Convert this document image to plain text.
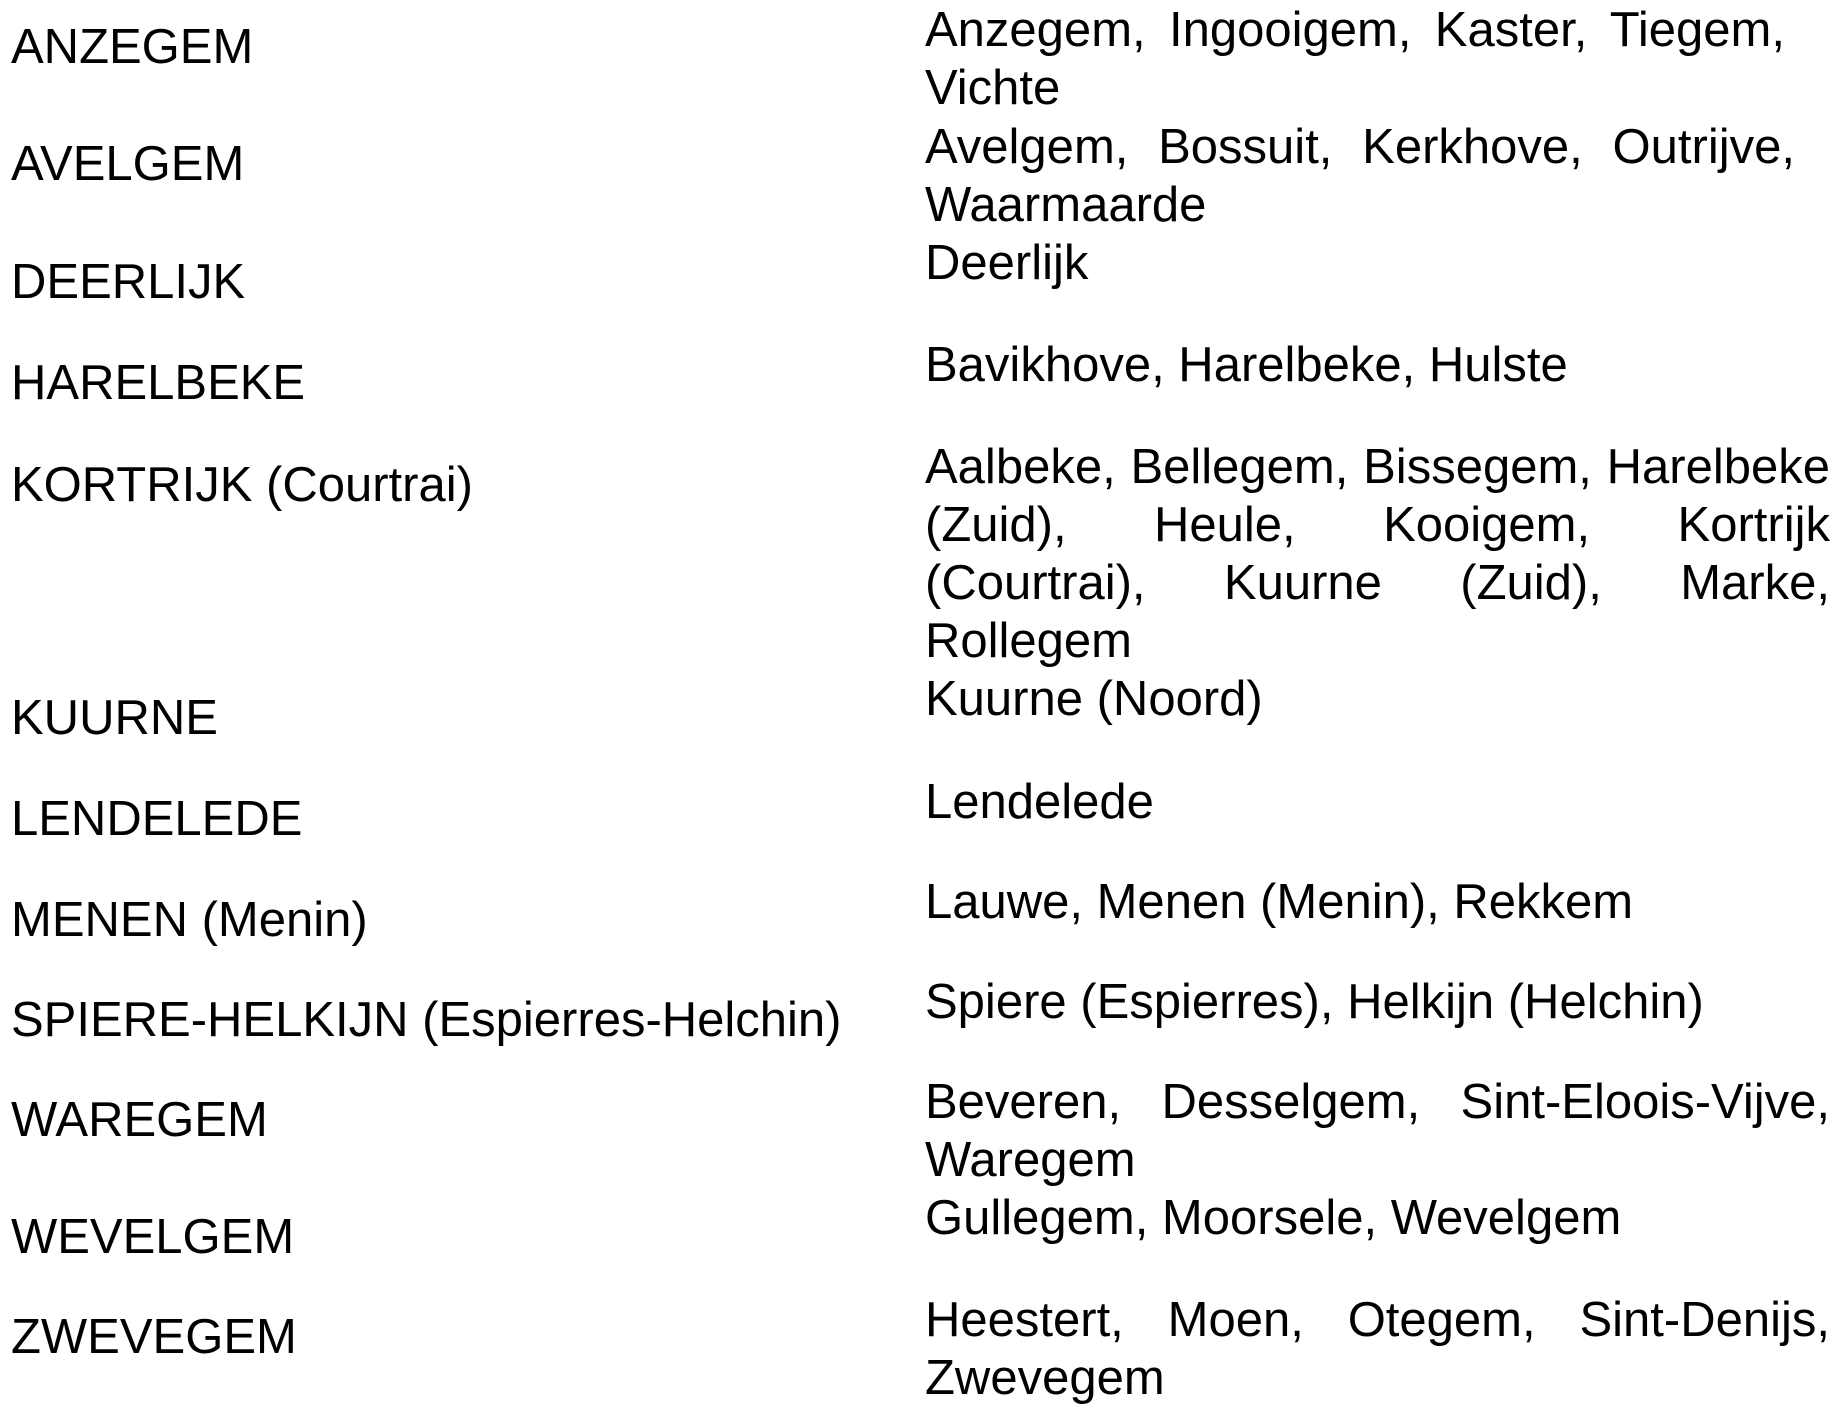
ANZEGEM	Anzegem, Ingooigem, Kaster, Tiegem, Vichte

AVELGEM	Avelgem, Bossuit, Kerkhove, Outrijve, Waarmaarde

DEERLIJK	Deerlijk

HARELBEKE	Bavikhove, Harelbeke, Hulste

KORTRIJK (Courtrai)	Aalbeke, Bellegem, Bissegem, Harelbeke (Zuid), Heule, Kooigem, Kortrijk (Courtrai), Kuurne (Zuid), Marke, Rollegem

KUURNE	Kuurne (Noord)

LENDELEDE	Lendelede

MENEN (Menin)	Lauwe, Menen (Menin), Rekkem

SPIERE-HELKIJN (Espierres-Helchin)	Spiere (Espierres), Helkijn (Helchin)

WAREGEM	Beveren, Desselgem, Sint-Eloois-Vijve, Waregem

WEVELGEM	Gullegem, Moorsele, Wevelgem

ZWEVEGEM	Heestert, Moen, Otegem, Sint-Denijs, Zwevegem
